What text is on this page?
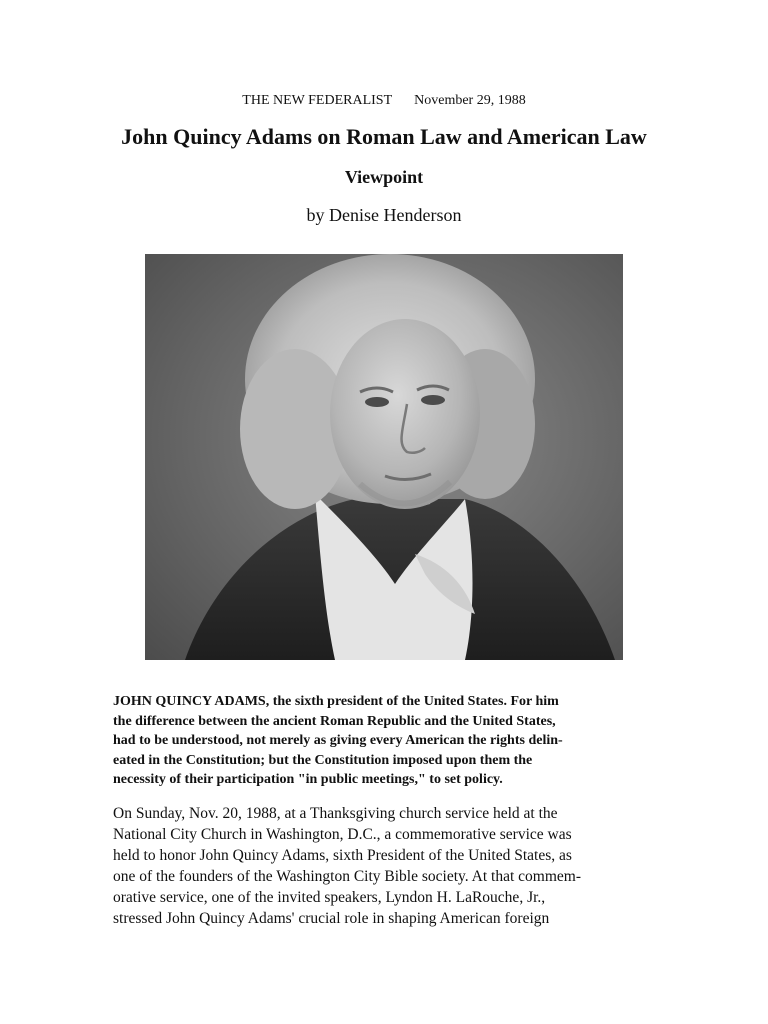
THE NEW FEDERALIST November 29, 1988
John Quincy Adams on Roman Law and American Law
Viewpoint
by Denise Henderson
JOHN QUINCY ADAMS, the sixth president of the United States. For him
the difference between the ancient Roman Republic and the United States,
had to be understood, not merely as giving every American the rights delin-
eated in the Constitution; but the Constitution imposed upon them the
necessity of their participation "in public meetings," to set policy.
On Sunday, Nov. 20, 1988, at a Thanksgiving church service held at the
National City Church in Washington, D.C., a commemorative service was
held to honor John Quincy Adams, sixth President of the United States, as
one of the founders of the Washington City Bible society. At that commem-
orative service, one of the invited speakers, Lyndon H. LaRouche, Jr.,
stressed John Quincy Adams' crucial role in shaping American foreign
